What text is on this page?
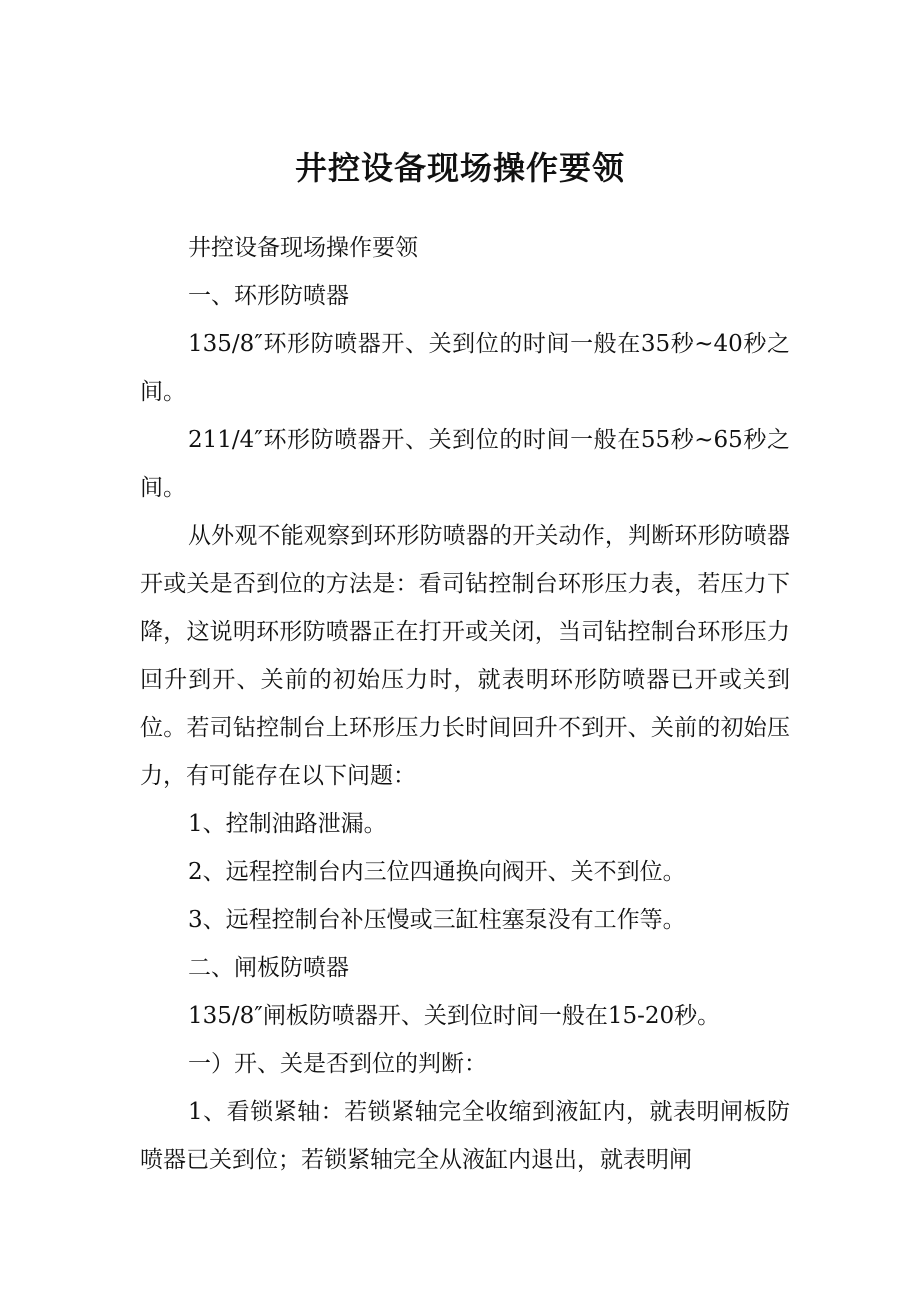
井控设备现场操作要领

井控设备现场操作要领

一、环形防喷器

135/8″环形防喷器开、关到位的时间一般在35秒~40秒之间。

211/4″环形防喷器开、关到位的时间一般在55秒~65秒之间。

从外观不能观察到环形防喷器的开关动作，判断环形防喷器开或关是否到位的方法是：看司钻控制台环形压力表，若压力下降，这说明环形防喷器正在打开或关闭，当司钻控制台环形压力回升到开、关前的初始压力时，就表明环形防喷器已开或关到位。若司钻控制台上环形压力长时间回升不到开、关前的初始压力，有可能存在以下问题：

1、控制油路泄漏。

2、远程控制台内三位四通换向阀开、关不到位。

3、远程控制台补压慢或三缸柱塞泵没有工作等。

二、闸板防喷器

135/8″闸板防喷器开、关到位时间一般在15-20秒。

一）开、关是否到位的判断：

1、看锁紧轴：若锁紧轴完全收缩到液缸内，就表明闸板防喷器已关到位；若锁紧轴完全从液缸内退出，就表明闸
